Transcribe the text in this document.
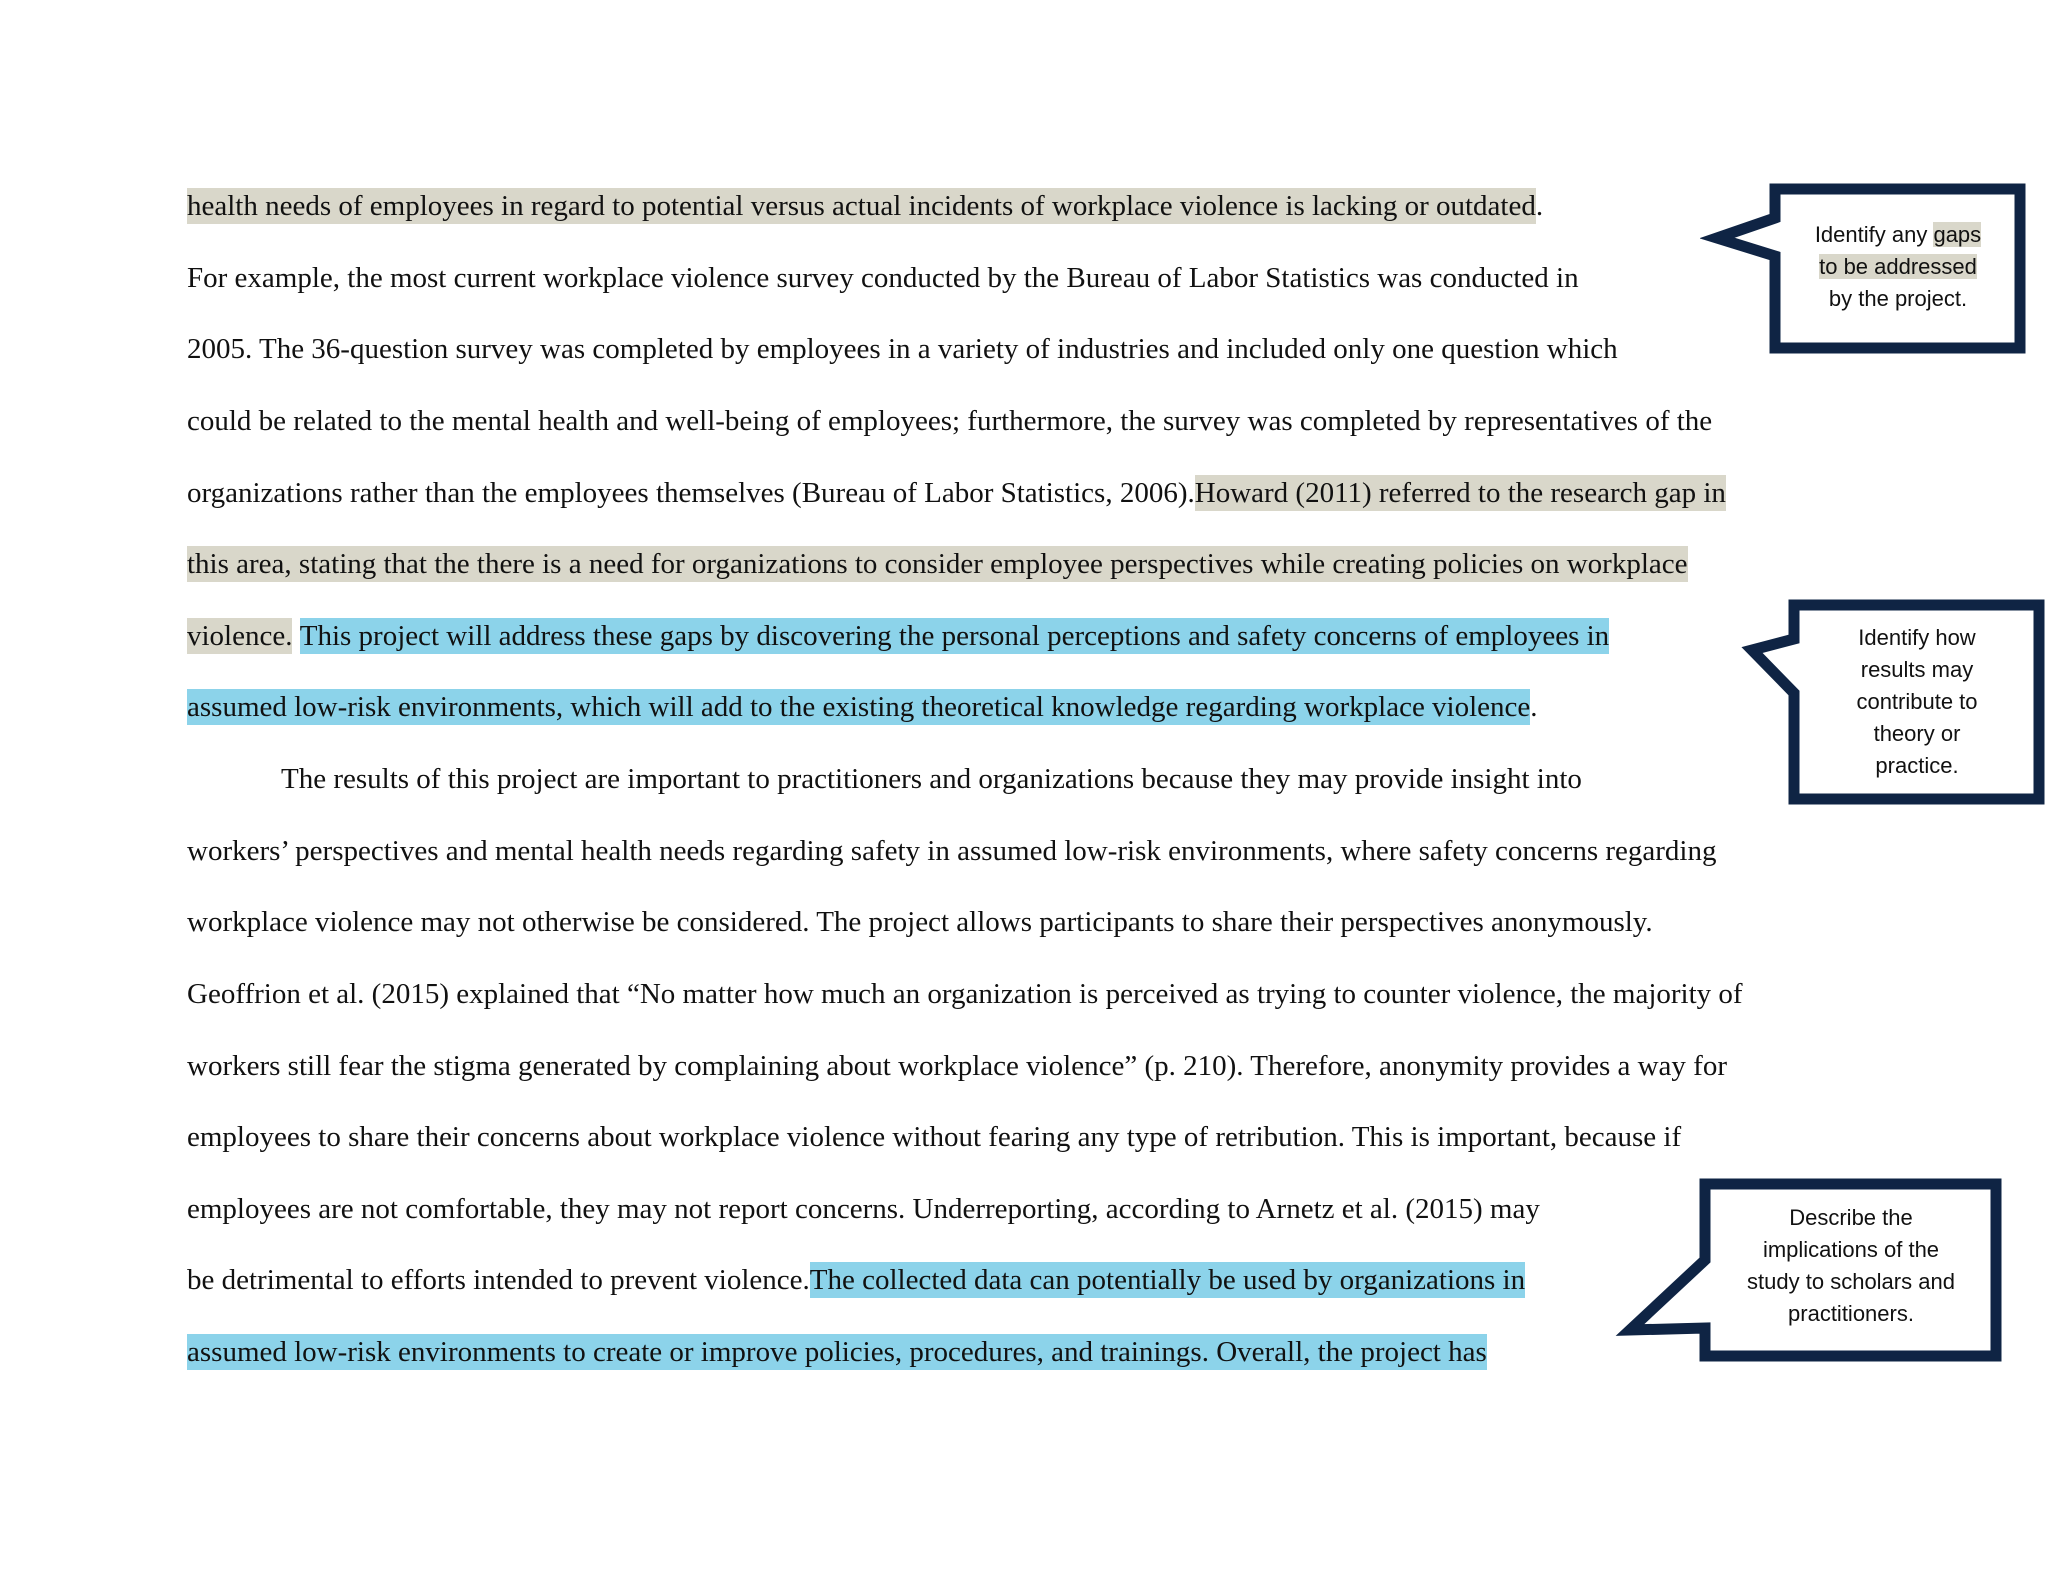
health needs of employees in regard to potential versus actual incidents of workplace violence is lacking or outdated.
For example, the most current workplace violence survey conducted by the Bureau of Labor Statistics was conducted in
2005. The 36-question survey was completed by employees in a variety of industries and included only one question which
could be related to the mental health and well-being of employees; furthermore, the survey was completed by representatives of the
organizations rather than the employees themselves (Bureau of Labor Statistics, 2006).Howard (2011) referred to the research gap in
this area, stating that the there is a need for organizations to consider employee perspectives while creating policies on workplace
violence. This project will address these gaps by discovering the personal perceptions and safety concerns of employees in
assumed low-risk environments, which will add to the existing theoretical knowledge regarding workplace violence.
The results of this project are important to practitioners and organizations because they may provide insight into
workers’ perspectives and mental health needs regarding safety in assumed low-risk environments, where safety concerns regarding
workplace violence may not otherwise be considered. The project allows participants to share their perspectives anonymously.
Geoffrion et al. (2015) explained that “No matter how much an organization is perceived as trying to counter violence, the majority of
workers still fear the stigma generated by complaining about workplace violence” (p. 210). Therefore, anonymity provides a way for
employees to share their concerns about workplace violence without fearing any type of retribution. This is important, because if
employees are not comfortable, they may not report concerns. Underreporting, according to Arnetz et al. (2015) may
be detrimental to efforts intended to prevent violence.The collected data can potentially be used by organizations in
assumed low-risk environments to create or improve policies, procedures, and trainings. Overall, the project has
Identify any gaps
to be addressed
by the project.
Identify how
results may
contribute to
theory or
practice.
Describe the
implications of the
study to scholars and
practitioners.
